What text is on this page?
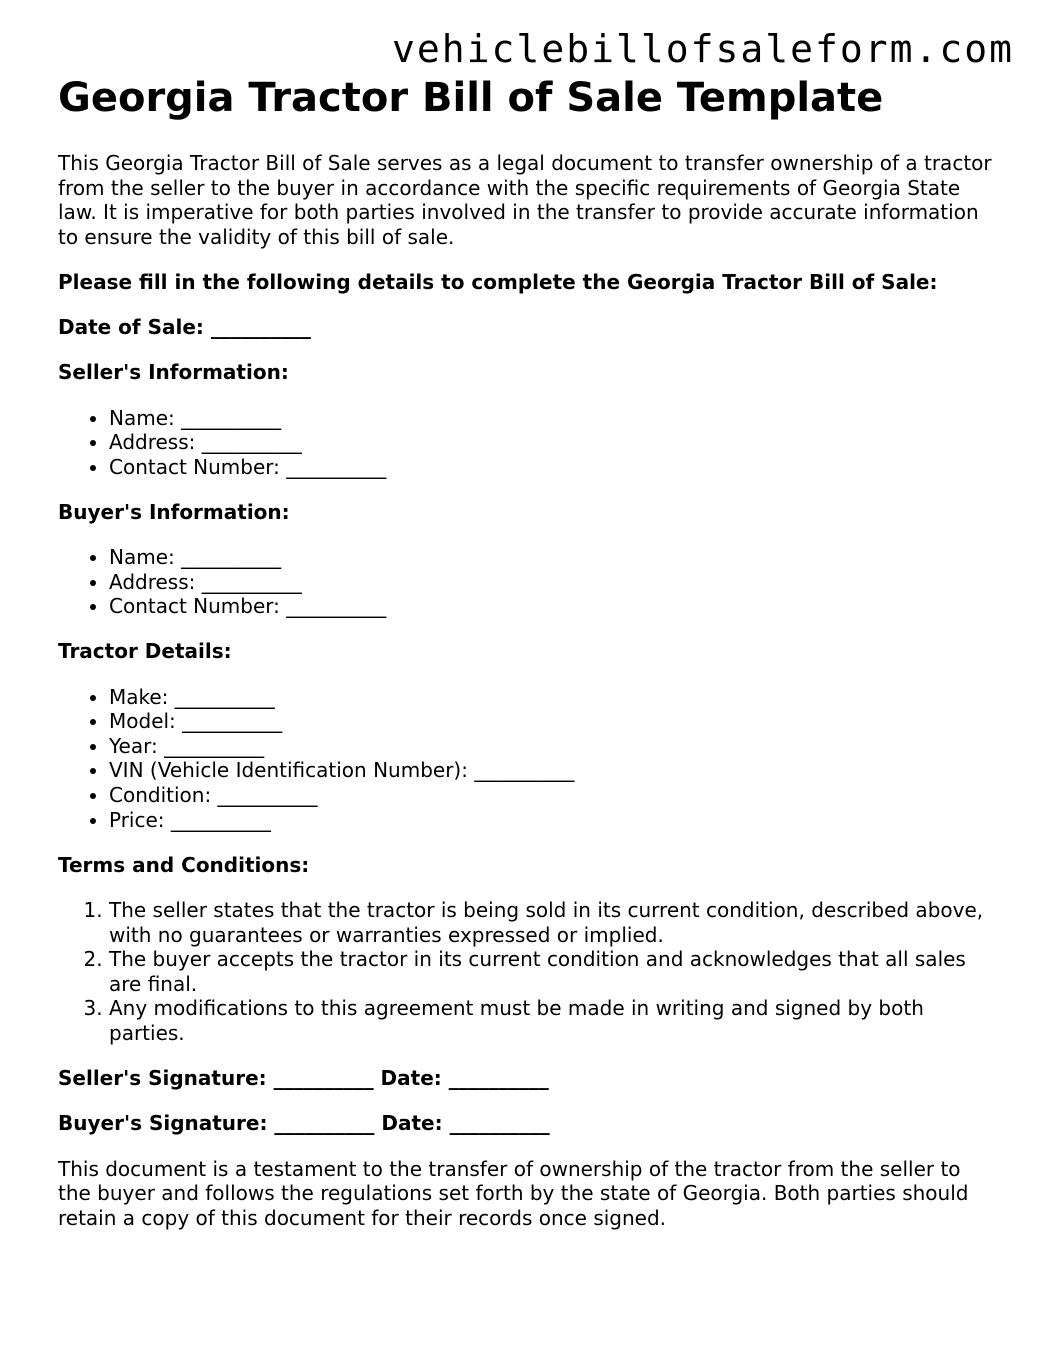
vehiclebillofsaleform.com
Georgia Tractor Bill of Sale Template

This Georgia Tractor Bill of Sale serves as a legal document to transfer ownership of a tractor from the seller to the buyer in accordance with the specific requirements of Georgia State law. It is imperative for both parties involved in the transfer to provide accurate information to ensure the validity of this bill of sale.

Please fill in the following details to complete the Georgia Tractor Bill of Sale:

Date of Sale: __________

Seller's Information:

• Name: __________
• Address: __________
• Contact Number: __________

Buyer's Information:

• Name: __________
• Address: __________
• Contact Number: __________

Tractor Details:

• Make: __________
• Model: __________
• Year: __________
• VIN (Vehicle Identification Number): __________
• Condition: __________
• Price: __________

Terms and Conditions:

1. The seller states that the tractor is being sold in its current condition, described above, with no guarantees or warranties expressed or implied.
2. The buyer accepts the tractor in its current condition and acknowledges that all sales are final.
3. Any modifications to this agreement must be made in writing and signed by both parties.

Seller's Signature: __________ Date: __________

Buyer's Signature: __________ Date: __________

This document is a testament to the transfer of ownership of the tractor from the seller to the buyer and follows the regulations set forth by the state of Georgia. Both parties should retain a copy of this document for their records once signed.
